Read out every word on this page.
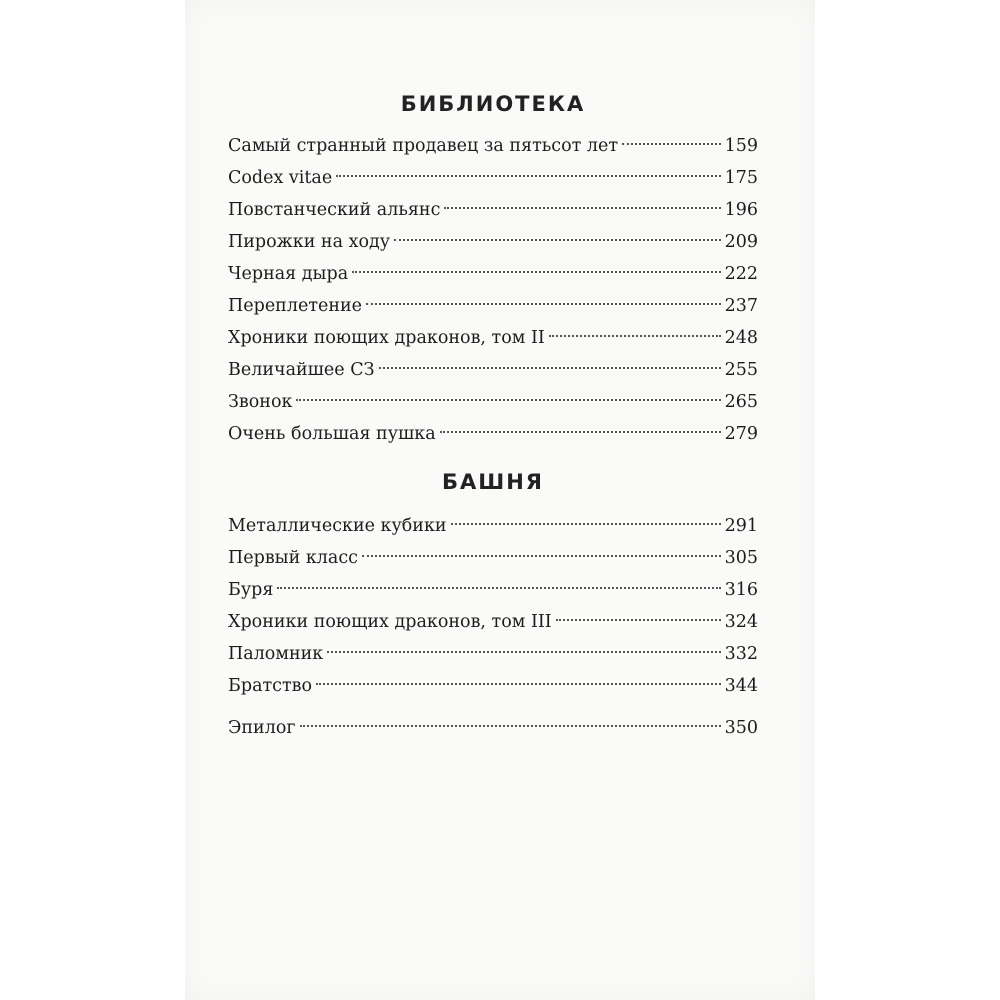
БИБЛИОТЕКА
Самый странный продавец за пятьсот лет	159
Codex vitae	175
Повстанческий альянс	196
Пирожки на ходу	209
Черная дыра	222
Переплетение	237
Хроники поющих драконов, том II	248
Величайшее СЗ	255
Звонок	265
Очень большая пушка	279
БАШНЯ
Металлические кубики	291
Первый класс	305
Буря	316
Хроники поющих драконов, том III	324
Паломник	332
Братство	344
Эпилог	350
